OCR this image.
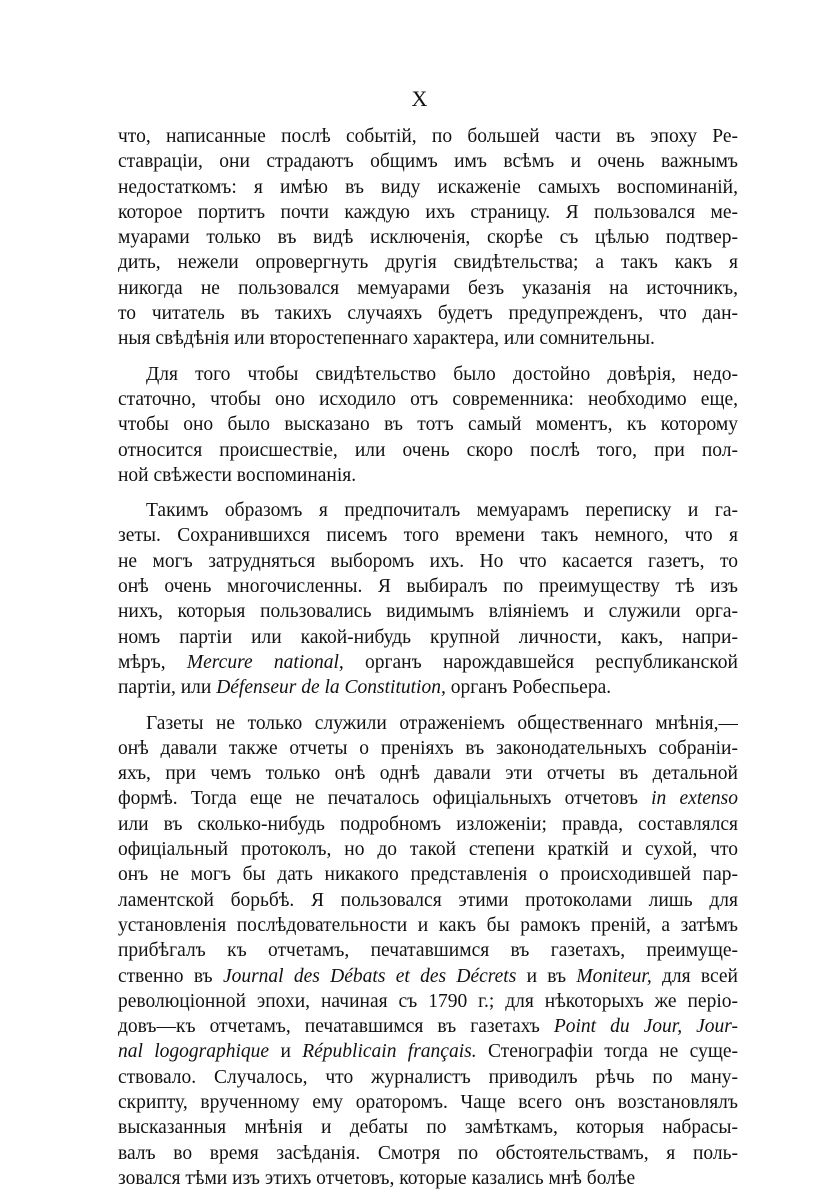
X
что, написанные послѣ событій, по большей части въ эпоху Ре-
ставраціи, они страдаютъ общимъ имъ всѣмъ и очень важнымъ
недостаткомъ: я имѣю въ виду искаженіе самыхъ воспоминаній,
которое портитъ почти каждую ихъ страницу. Я пользовался ме-
муарами только въ видѣ исключенія, скорѣе съ цѣлью подтвер-
дить, нежели опровергнуть другія свидѣтельства; а такъ какъ я
никогда не пользовался мемуарами безъ указанія на источникъ,
то читатель въ такихъ случаяхъ будетъ предупрежденъ, что дан-
ныя свѣдѣнія или второстепеннаго характера, или сомнительны.
Для того чтобы свидѣтельство было достойно довѣрія, недо-
статочно, чтобы оно исходило отъ современника: необходимо еще,
чтобы оно было высказано въ тотъ самый моментъ, къ которому
относится происшествіе, или очень скоро послѣ того, при пол-
ной свѣжести воспоминанія.
Такимъ образомъ я предпочиталъ мемуарамъ переписку и га-
зеты. Сохранившихся писемъ того времени такъ немного, что я
не могъ затрудняться выборомъ ихъ. Но что касается газетъ, то
онѣ очень многочисленны. Я выбиралъ по преимуществу тѣ изъ
нихъ, которыя пользовались видимымъ вліяніемъ и служили орга-
номъ партіи или какой-нибудь крупной личности, какъ, напри-
мѣръ, Mercure national, органъ нарождавшейся республиканской
партіи, или Défenseur de la Constitution, органъ Робеспьера.
Газеты не только служили отраженіемъ общественнаго мнѣнія,—
онѣ давали также отчеты о преніяхъ въ законодательныхъ собраніи-
яхъ, при чемъ только онѣ однѣ давали эти отчеты въ детальной
формѣ. Тогда еще не печаталось офиціальныхъ отчетовъ in extenso
или въ сколько-нибудь подробномъ изложеніи; правда, составлялся
офиціальный протоколъ, но до такой степени краткій и сухой, что
онъ не могъ бы дать никакого представленія о происходившей пар-
ламентской борьбѣ. Я пользовался этими протоколами лишь для
установленія послѣдовательности и какъ бы рамокъ преній, а затѣмъ
прибѣгалъ къ отчетамъ, печатавшимся въ газетахъ, преимуще-
ственно въ Journal des Débats et des Décrets и въ Moniteur, для всей
революціонной эпохи, начиная съ 1790 г.; для нѣкоторыхъ же періо-
довъ—къ отчетамъ, печатавшимся въ газетахъ Point du Jour, Jour-
nal logographique и Républicain français. Стенографіи тогда не суще-
ствовало. Случалось, что журналистъ приводилъ рѣчь по ману-
скрипту, врученному ему ораторомъ. Чаще всего онъ возстановлялъ
высказанныя мнѣнія и дебаты по замѣткамъ, которыя набрасы-
валъ во время засѣданія. Смотря по обстоятельствамъ, я поль-
зовался тѣми изъ этихъ отчетовъ, которые казались мнѣ болѣе
